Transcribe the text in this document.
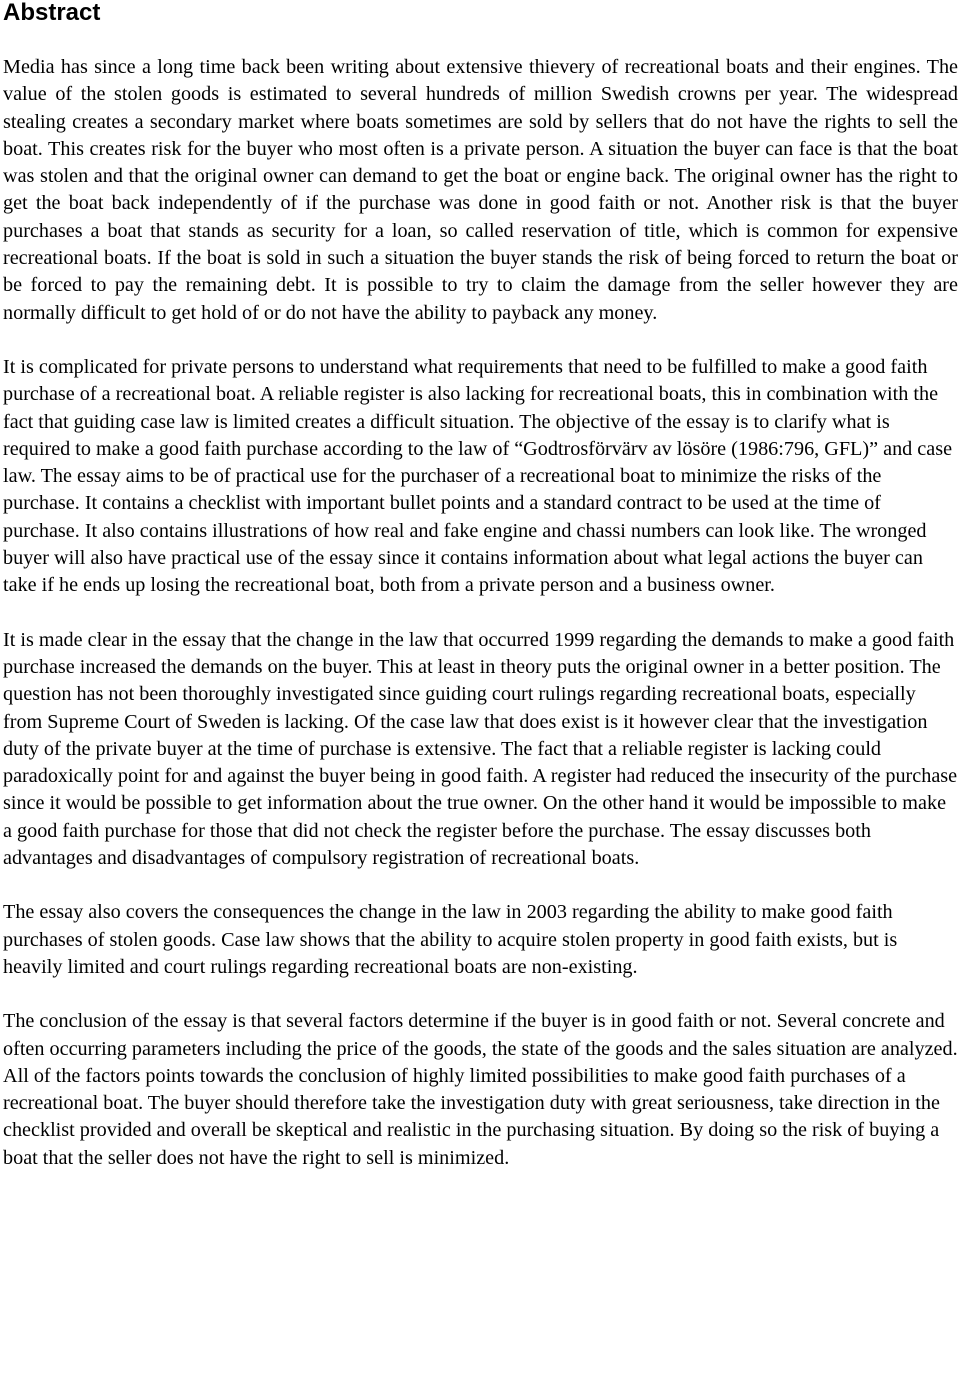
Abstract

Media has since a long time back been writing about extensive thievery of recreational boats and their engines. The value of the stolen goods is estimated to several hundreds of million Swedish crowns per year. The widespread stealing creates a secondary market where boats sometimes are sold by sellers that do not have the rights to sell the boat. This creates risk for the buyer who most often is a private person. A situation the buyer can face is that the boat was stolen and that the original owner can demand to get the boat or engine back. The original owner has the right to get the boat back independently of if the purchase was done in good faith or not. Another risk is that the buyer purchases a boat that stands as security for a loan, so called reservation of title, which is common for expensive recreational boats. If the boat is sold in such a situation the buyer stands the risk of being forced to return the boat or be forced to pay the remaining debt. It is possible to try to claim the damage from the seller however they are normally difficult to get hold of or do not have the ability to payback any money.

It is complicated for private persons to understand what requirements that need to be fulfilled to make a good faith purchase of a recreational boat. A reliable register is also lacking for recreational boats, this in combination with the fact that guiding case law is limited creates a difficult situation. The objective of the essay is to clarify what is required to make a good faith purchase according to the law of “Godtrosförvärv av lösöre (1986:796, GFL)” and case law. The essay aims to be of practical use for the purchaser of a recreational boat to minimize the risks of the purchase. It contains a checklist with important bullet points and a standard contract to be used at the time of purchase. It also contains illustrations of how real and fake engine and chassi numbers can look like. The wronged buyer will also have practical use of the essay since it contains information about what legal actions the buyer can take if he ends up losing the recreational boat, both from a private person and a business owner.

It is made clear in the essay that the change in the law that occurred 1999 regarding the demands to make a good faith purchase increased the demands on the buyer. This at least in theory puts the original owner in a better position. The question has not been thoroughly investigated since guiding court rulings regarding recreational boats, especially from Supreme Court of Sweden is lacking. Of the case law that does exist is it however clear that the investigation duty of the private buyer at the time of purchase is extensive. The fact that a reliable register is lacking could paradoxically point for and against the buyer being in good faith. A register had reduced the insecurity of the purchase since it would be possible to get information about the true owner. On the other hand it would be impossible to make a good faith purchase for those that did not check the register before the purchase. The essay discusses both advantages and disadvantages of compulsory registration of recreational boats.

The essay also covers the consequences the change in the law in 2003 regarding the ability to make good faith purchases of stolen goods. Case law shows that the ability to acquire stolen property in good faith exists, but is heavily limited and court rulings regarding recreational boats are non-existing.

The conclusion of the essay is that several factors determine if the buyer is in good faith or not. Several concrete and often occurring parameters including the price of the goods, the state of the goods and the sales situation are analyzed. All of the factors points towards the conclusion of highly limited possibilities to make good faith purchases of a recreational boat. The buyer should therefore take the investigation duty with great seriousness, take direction in the checklist provided and overall be skeptical and realistic in the purchasing situation. By doing so the risk of buying a boat that the seller does not have the right to sell is minimized.
